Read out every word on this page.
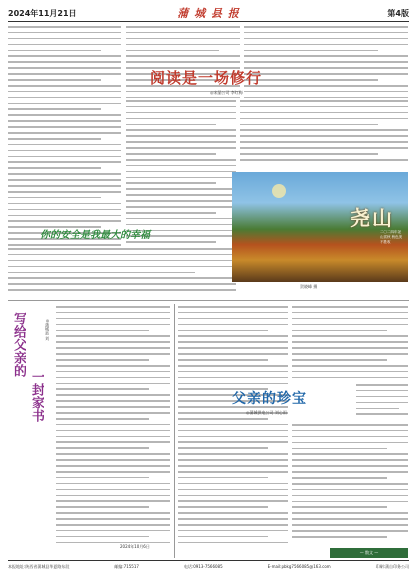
2024年11月21日	蒲 城 县 报	第4版
阅读是一场修行
◎宋晶公司 李红梅
你的安全是我最大的幸福
尧山
二〇二四年尧山赏秋 秋色美不胜收
贺晓峰 摄
写给父亲的
一封家书
◎蒲城县 刘
2024年10月6日
父亲的珍宝
◎蒲城供电公司 刘心雨
— 散文 —
本报地址:陕西省蒲城县华夏路东段	邮编:715517	电话:0913-7566085	E-mail:pbkg7566085@163.com	印刷:蒲自印务公司
